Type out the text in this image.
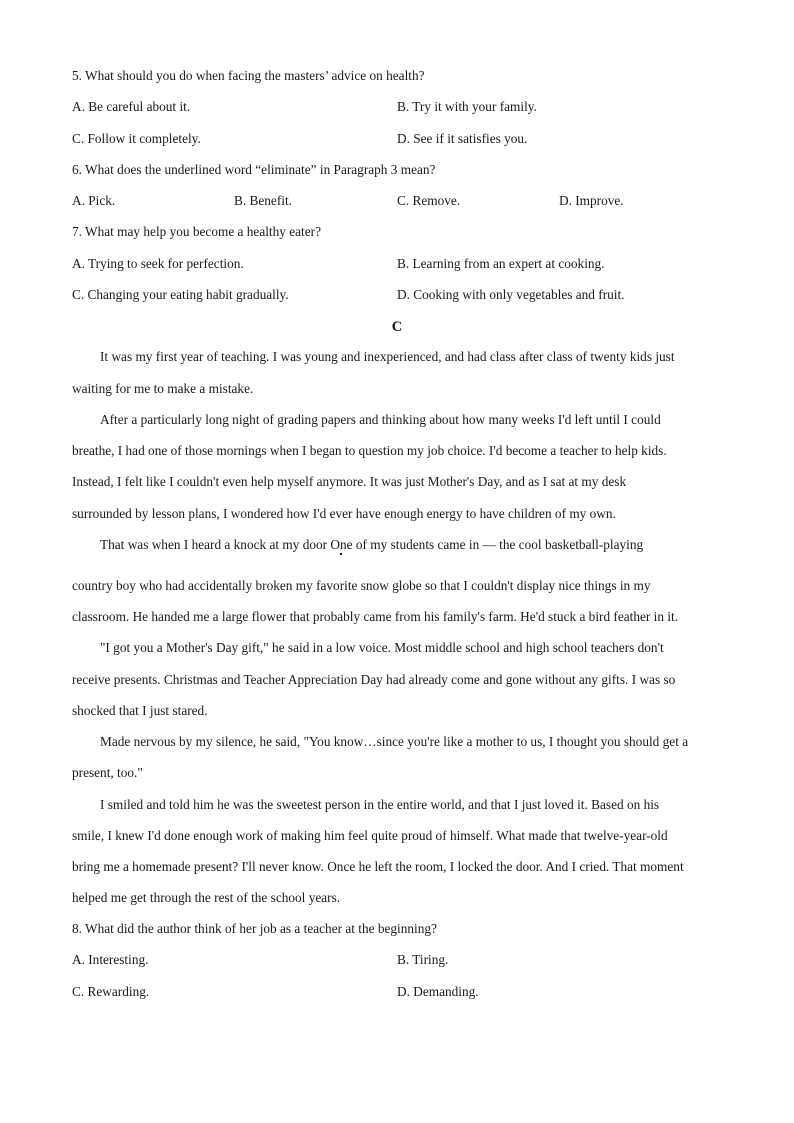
5. What should you do when facing the masters’ advice on health?
A. Be careful about it.	B. Try it with your family.
C. Follow it completely.	D. See if it satisfies you.
6. What does the underlined word “eliminate” in Paragraph 3 mean?
A. Pick.	B. Benefit.	C. Remove.	D. Improve.
7. What may help you become a healthy eater?
A. Trying to seek for perfection.	B. Learning from an expert at cooking.
C. Changing your eating habit gradually.	D. Cooking with only vegetables and fruit.
C
It was my first year of teaching. I was young and inexperienced, and had class after class of twenty kids just
waiting for me to make a mistake.
After a particularly long night of grading papers and thinking about how many weeks I'd left until I could
breathe, I had one of those mornings when I began to question my job choice. I'd become a teacher to help kids.
Instead, I felt like I couldn't even help myself anymore. It was just Mother's Day, and as I sat at my desk
surrounded by lesson plans, I wondered how I'd ever have enough energy to have children of my own.
That was when I heard a knock at my door One of my students came in — the cool basketball-playing
country boy who had accidentally broken my favorite snow globe so that I couldn't display nice things in my
classroom. He handed me a large flower that probably came from his family's farm. He'd stuck a bird feather in it.
"I got you a Mother's Day gift," he said in a low voice. Most middle school and high school teachers don't
receive presents. Christmas and Teacher Appreciation Day had already come and gone without any gifts. I was so
shocked that I just stared.
Made nervous by my silence, he said, "You know…since you're like a mother to us, I thought you should get a
present, too."
I smiled and told him he was the sweetest person in the entire world, and that I just loved it. Based on his
smile, I knew I'd done enough work of making him feel quite proud of himself. What made that twelve-year-old
bring me a homemade present? I'll never know. Once he left the room, I locked the door. And I cried. That moment
helped me get through the rest of the school years.
8. What did the author think of her job as a teacher at the beginning?
A. Interesting.	B. Tiring.
C. Rewarding.	D. Demanding.
